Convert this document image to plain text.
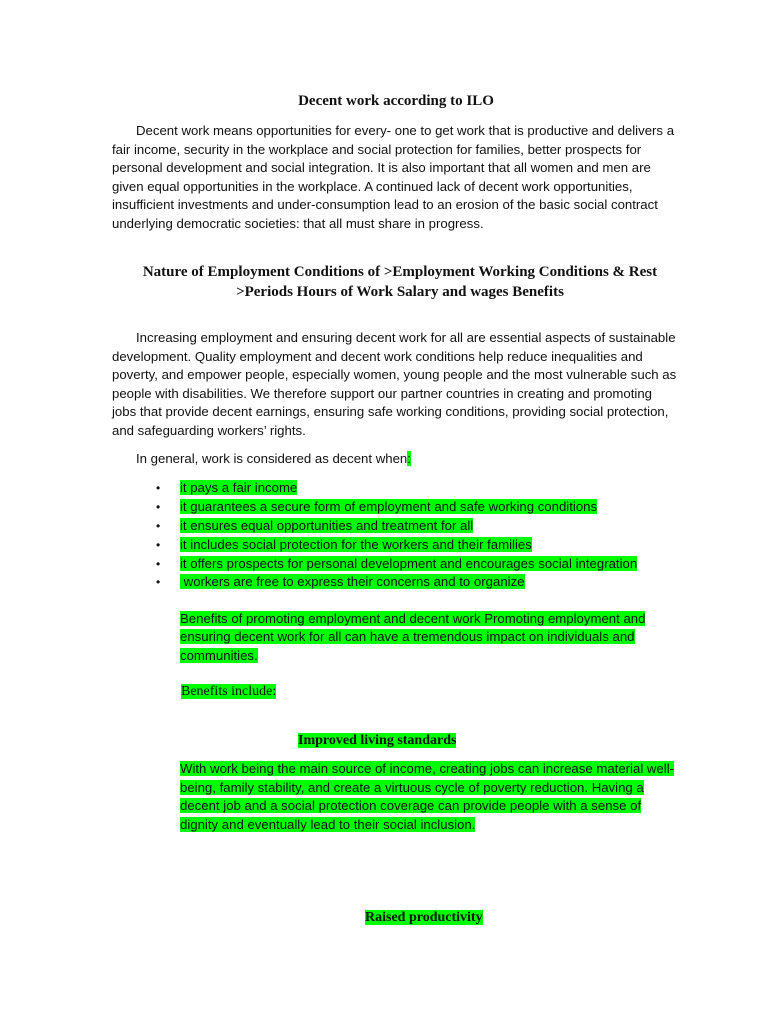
Decent work according to ILO

Decent work means opportunities for every- one to get work that is productive and delivers a fair income, security in the workplace and social protection for families, better prospects for personal development and social integration. It is also important that all women and men are given equal opportunities in the workplace. A continued lack of decent work opportunities, insufficient investments and under-consumption lead to an erosion of the basic social contract underlying democratic societies: that all must share in progress.

Nature of Employment Conditions of >Employment Working Conditions & Rest
>Periods Hours of Work Salary and wages Benefits

Increasing employment and ensuring decent work for all are essential aspects of sustainable development. Quality employment and decent work conditions help reduce inequalities and poverty, and empower people, especially women, young people and the most vulnerable such as people with disabilities. We therefore support our partner countries in creating and promoting jobs that provide decent earnings, ensuring safe working conditions, providing social protection, and safeguarding workers’ rights.

In general, work is considered as decent when:

• it pays a fair income
• it guarantees a secure form of employment and safe working conditions
• it ensures equal opportunities and treatment for all
• it includes social protection for the workers and their families
• it offers prospects for personal development and encourages social integration
• workers are free to express their concerns and to organize

Benefits of promoting employment and decent work Promoting employment and ensuring decent work for all can have a tremendous impact on individuals and communities.

Benefits include:

Improved living standards

With work being the main source of income, creating jobs can increase material well-being, family stability, and create a virtuous cycle of poverty reduction. Having a decent job and a social protection coverage can provide people with a sense of dignity and eventually lead to their social inclusion.

Raised productivity
